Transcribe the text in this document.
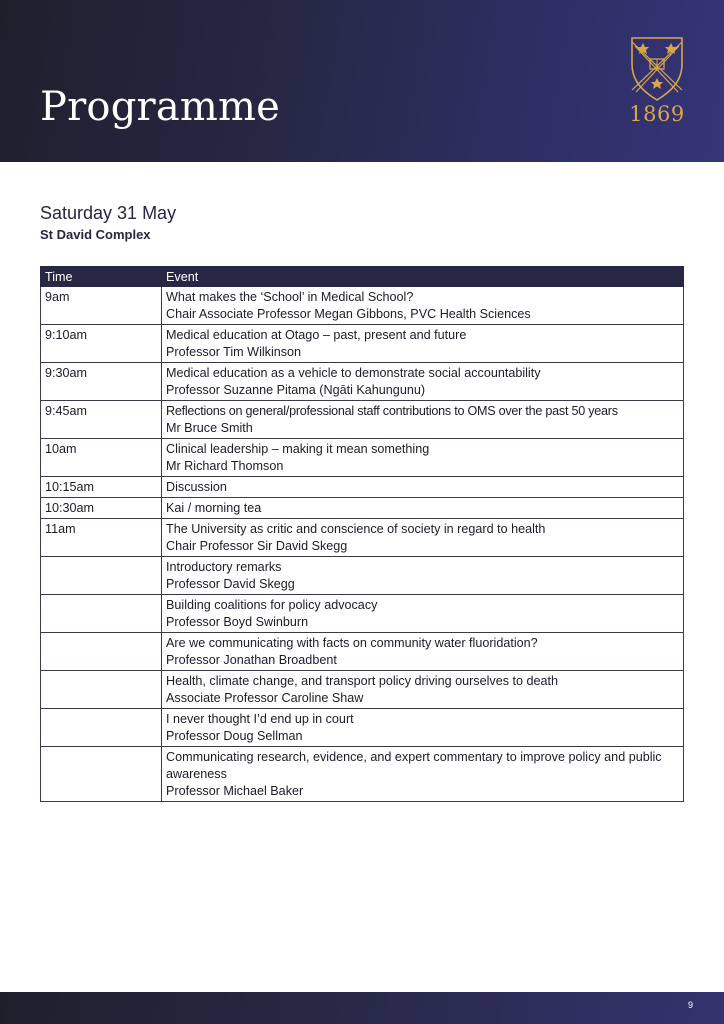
Programme	1869
Saturday 31 May
St David Complex
Time	Event
9am	What makes the ‘School’ in Medical School?
Chair Associate Professor Megan Gibbons, PVC Health Sciences

9:10am	Medical education at Otago – past, present and future
Professor Tim Wilkinson

9:30am	Medical education as a vehicle to demonstrate social accountability
Professor Suzanne Pitama (Ngāti Kahungunu)

9:45am	Reflections on general/professional staff contributions to OMS over the past 50 years
Mr Bruce Smith

10am	Clinical leadership – making it mean something
Mr Richard Thomson

10:15am	Discussion

10:30am	Kai / morning tea

11am	The University as critic and conscience of society in regard to health
Chair Professor Sir David Skegg

	Introductory remarks
Professor David Skegg

	Building coalitions for policy advocacy
Professor Boyd Swinburn

	Are we communicating with facts on community water fluoridation?
Professor Jonathan Broadbent

	Health, climate change, and transport policy driving ourselves to death
Associate Professor Caroline Shaw

	I never thought I’d end up in court
Professor Doug Sellman

	Communicating research, evidence, and expert commentary to improve policy and public awareness
Professor Michael Baker
9
